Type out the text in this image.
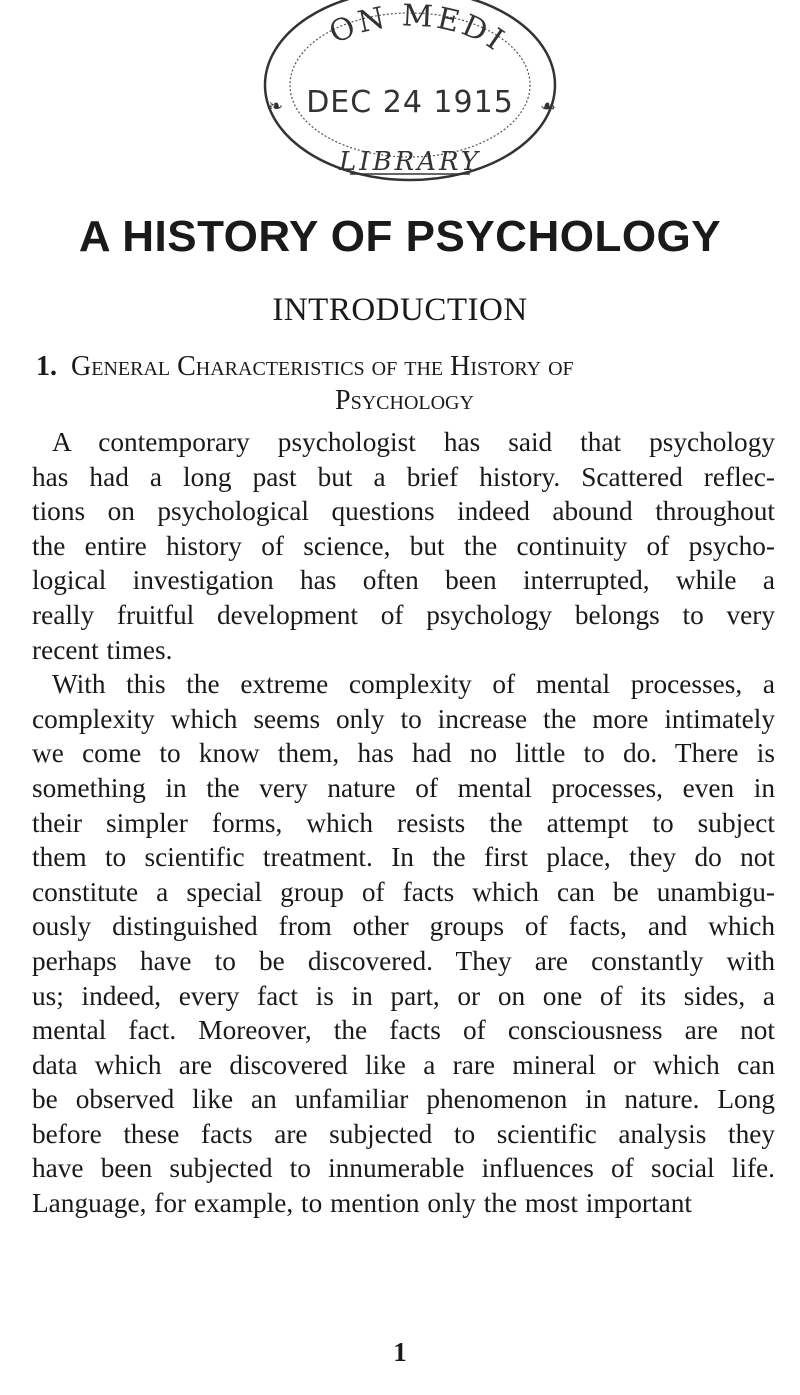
ON MEDI
DEC 24 1915
❧	☙
LIBRARY
A HISTORY OF PSYCHOLOGY
INTRODUCTION
1. General Characteristics of the History of
Psychology
A contemporary psychologist has said that psychology
has had a long past but a brief history. Scattered reflec-
tions on psychological questions indeed abound throughout
the entire history of science, but the continuity of psycho-
logical investigation has often been interrupted, while a
really fruitful development of psychology belongs to very
recent times.
With this the extreme complexity of mental processes, a
complexity which seems only to increase the more intimately
we come to know them, has had no little to do. There is
something in the very nature of mental processes, even in
their simpler forms, which resists the attempt to subject
them to scientific treatment. In the first place, they do not
constitute a special group of facts which can be unambigu-
ously distinguished from other groups of facts, and which
perhaps have to be discovered. They are constantly with
us; indeed, every fact is in part, or on one of its sides, a
mental fact. Moreover, the facts of consciousness are not
data which are discovered like a rare mineral or which can
be observed like an unfamiliar phenomenon in nature. Long
before these facts are subjected to scientific analysis they
have been subjected to innumerable influences of social life.
Language, for example, to mention only the most important
1
